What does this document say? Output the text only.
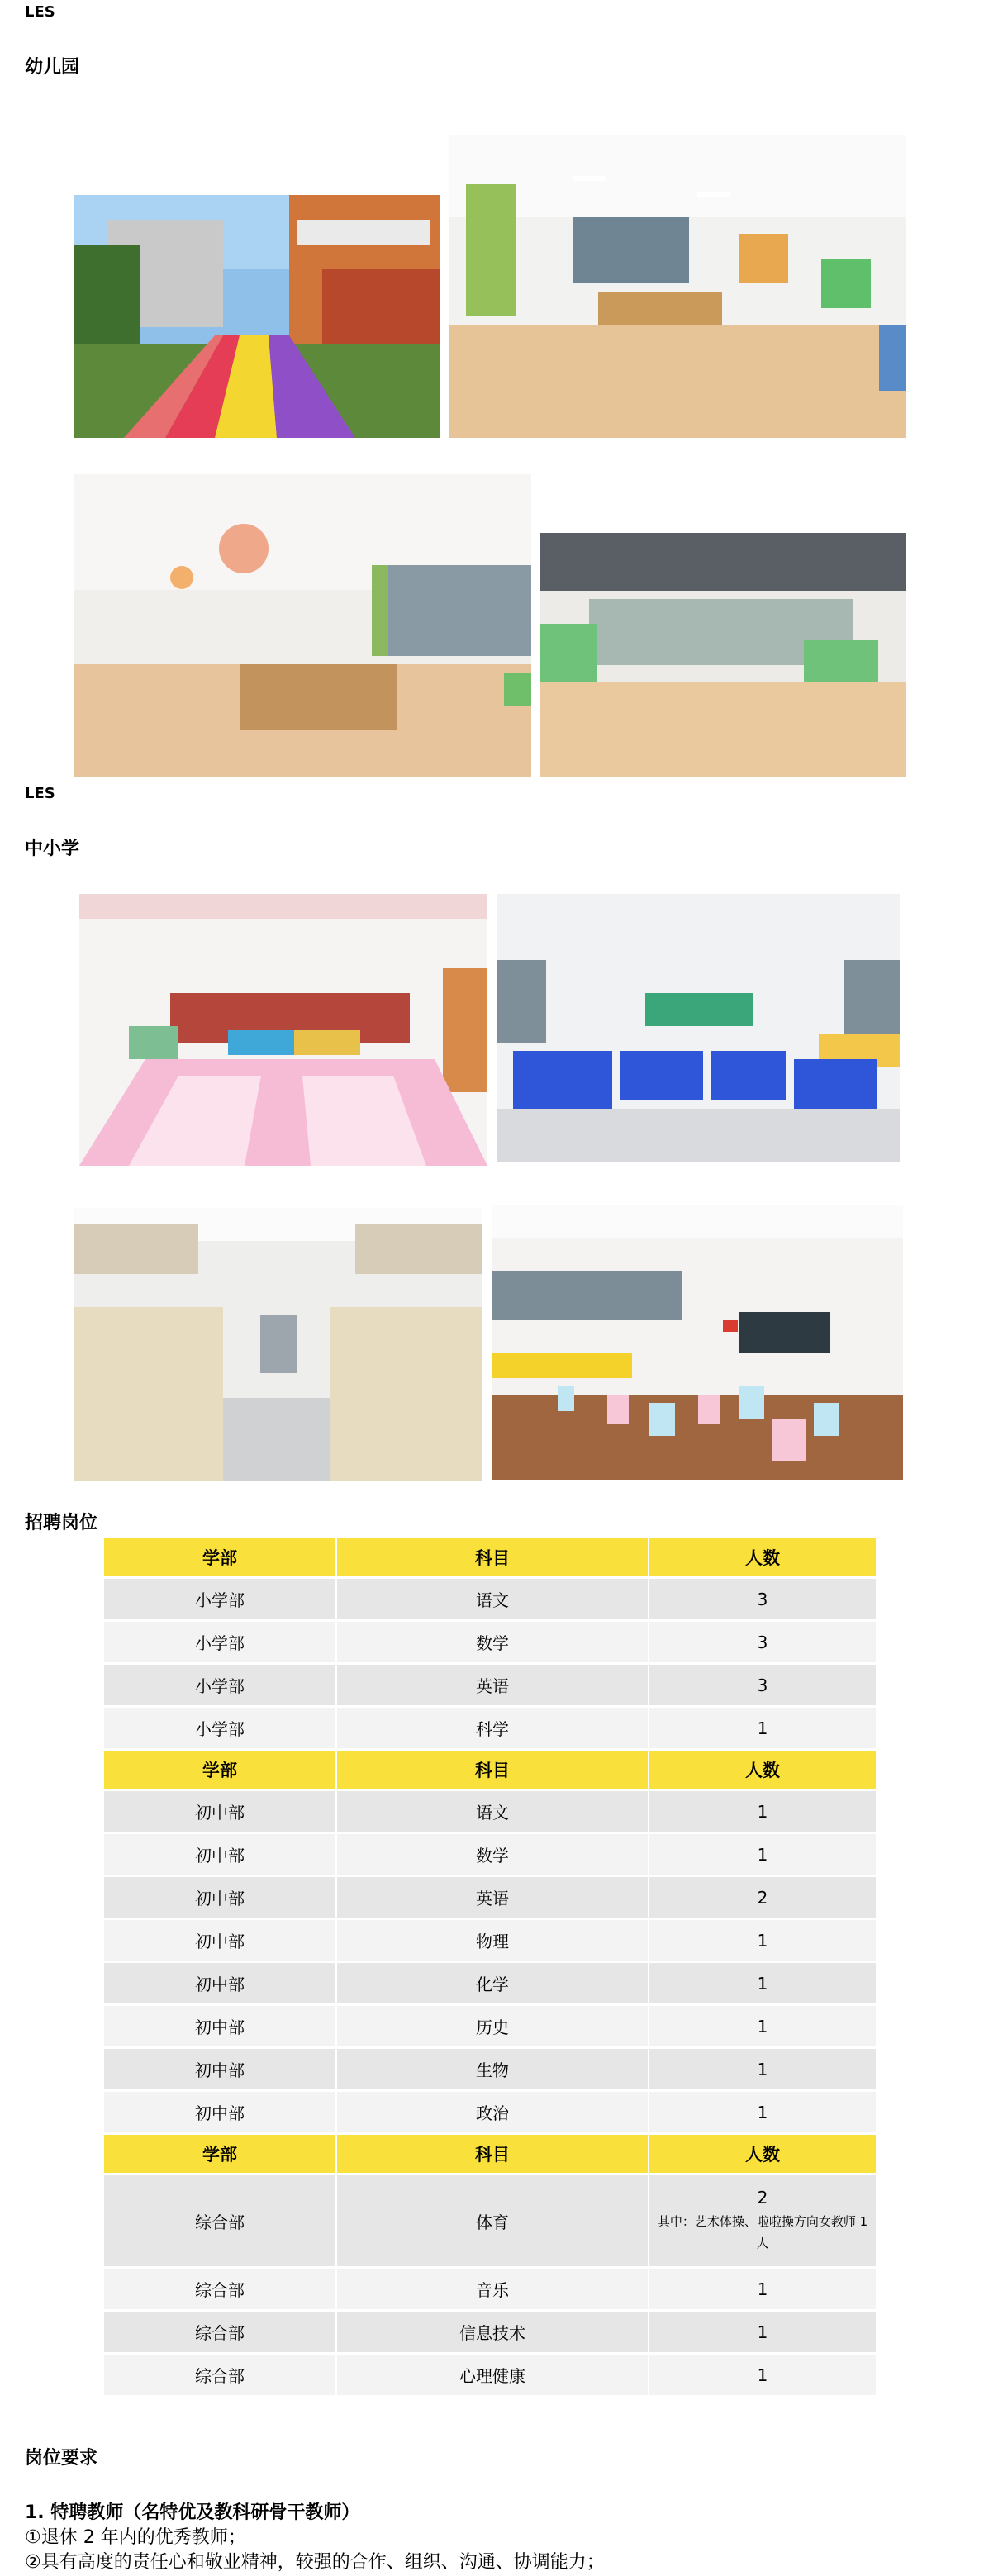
LES
幼儿园
LES
中小学
招聘岗位
学部	科目	人数
小学部	语文	3
小学部	数学	3
小学部	英语	3
小学部	科学	1
学部	科目	人数
初中部	语文	1
初中部	数学	1
初中部	英语	2
初中部	物理	1
初中部	化学	1
初中部	历史	1
初中部	生物	1
初中部	政治	1
学部	科目	人数
综合部	体育	2
其中：艺术体操、啦啦操方向女教师 1 人

综合部	音乐	1
综合部	信息技术	1
综合部	心理健康	1
岗位要求
1. 特聘教师（名特优及教科研骨干教师）
①退休 2 年内的优秀教师；
②具有高度的责任心和敬业精神，较强的合作、组织、沟通、协调能力；
